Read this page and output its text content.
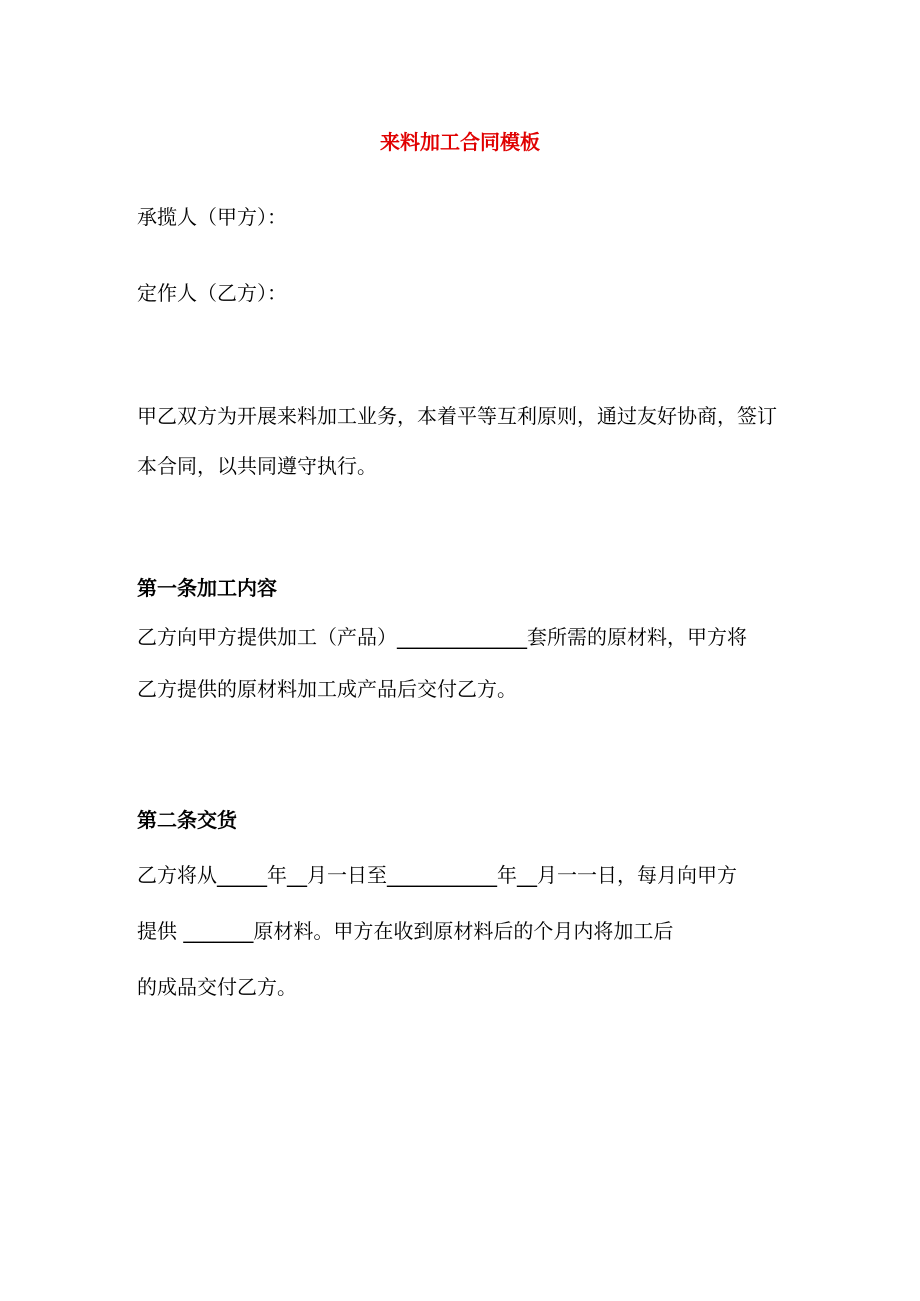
来料加工合同模板
承揽人（甲方）：
定作人（乙方）：
甲乙双方为开展来料加工业务，本着平等互利原则，通过友好协商，签订
本合同，以共同遵守执行。
第一条加工内容
乙方向甲方提供加工（产品）_____________套所需的原材料，甲方将
乙方提供的原材料加工成产品后交付乙方。
第二条交货
乙方将从_____年__月一日至___________年__月一一日，每月向甲方
提供 _______原材料。甲方在收到原材料后的个月内将加工后
的成品交付乙方。
